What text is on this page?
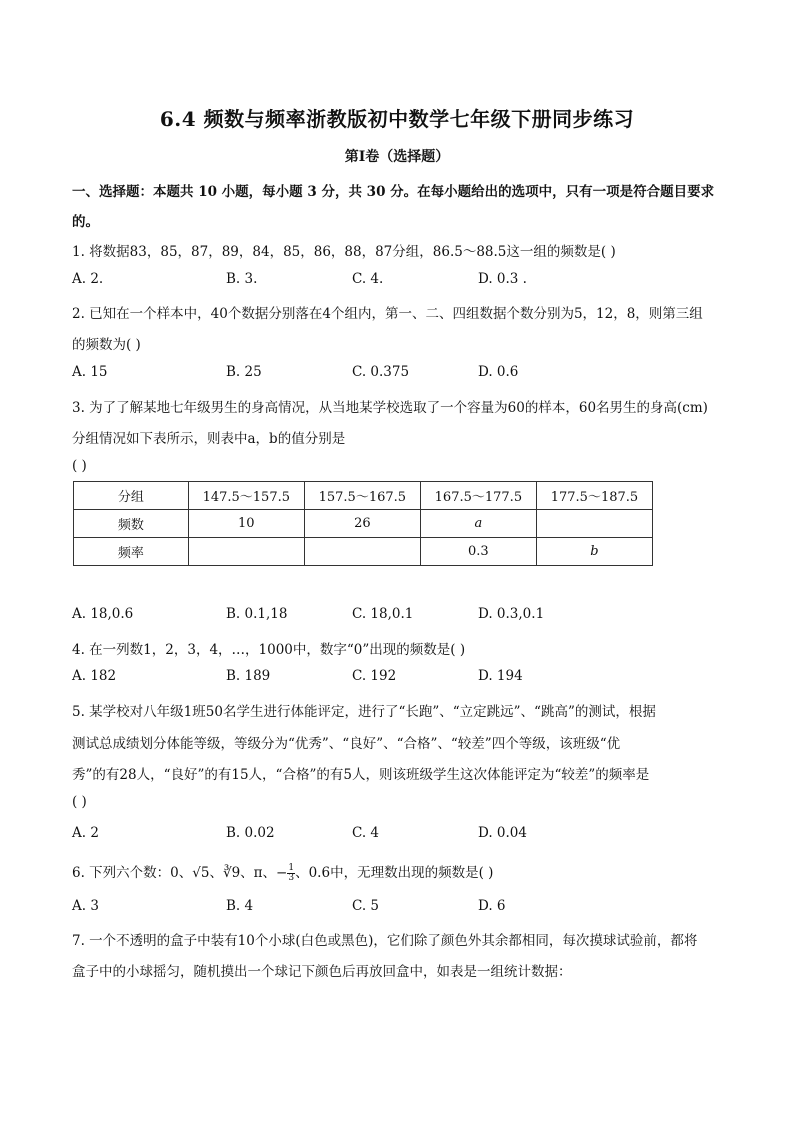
6.4 频数与频率浙教版初中数学七年级下册同步练习
第I卷（选择题）
一、选择题：本题共 10 小题，每小题 3 分，共 30 分。在每小题给出的选项中，只有一项是符合题目要求
的。
1. 将数据83，85，87，89，84，85，86，88，87分组，86.5～88.5这一组的频数是( )
A. 2.	B. 3.	C. 4.	D. 0.3 .
2. 已知在一个样本中，40个数据分别落在4个组内，第一、二、四组数据个数分别为5，12，8，则第三组
的频数为( )
A. 15	B. 25	C. 0.375	D. 0.6
3. 为了了解某地七年级男生的身高情况，从当地某学校选取了一个容量为60的样本，60名男生的身高(cm)
分组情况如下表所示，则表中a，b的值分别是
( )
分组	147.5～157.5	157.5～167.5	167.5～177.5	177.5～187.5
频数	10	26	a	
频率			0.3	b
A. 18,0.6	B. 0.1,18	C. 18,0.1	D. 0.3,0.1
4. 在一列数1，2，3，4，…，1000中，数字“0”出现的频数是( )
A. 182	B. 189	C. 192	D. 194
5. 某学校对八年级1班50名学生进行体能评定，进行了“长跑”、“立定跳远”、“跳高”的测试，根据
测试总成绩划分体能等级，等级分为“优秀”、“良好”、“合格”、“较差”四个等级，该班级“优
秀”的有28人，“良好”的有15人，“合格”的有5人，则该班级学生这次体能评定为“较差”的频率是
( )
A. 2	B. 0.02	C. 4	D. 0.04
6. 下列六个数：0、√5、∛9、π、− $\frac{1}{3}$ 、0.6中，无理数出现的频数是( )
A. 3	B. 4	C. 5	D. 6
7. 一个不透明的盒子中装有10个小球(白色或黑色)，它们除了颜色外其余都相同，每次摸球试验前，都将
盒子中的小球摇匀，随机摸出一个球记下颜色后再放回盒中，如表是一组统计数据：
